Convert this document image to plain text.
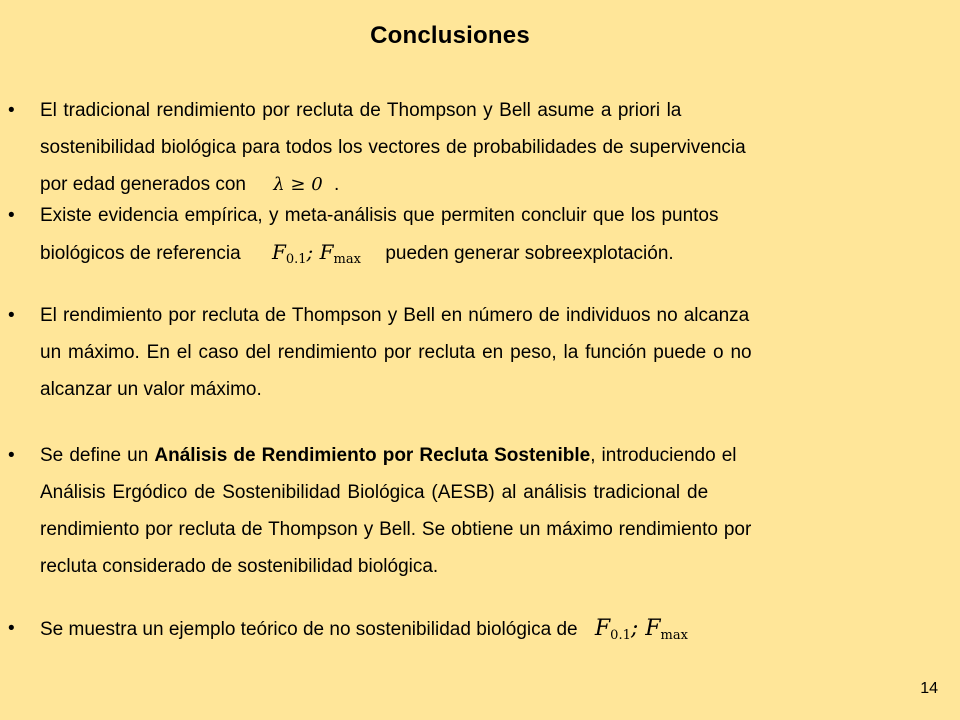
Conclusiones
•	El tradicional rendimiento por recluta de Thompson y Bell asume a priori la
sostenibilidad biológica para todos los vectores de probabilidades de supervivencia
por edad generados con λ ≥ 0 .
•	Existe evidencia empírica, y meta-análisis que permiten concluir que los puntos
biológicos de referencia $F_{0.1}$; $F_{max}$ pueden generar sobreexplotación.
•	El rendimiento por recluta de Thompson y Bell en número de individuos no alcanza
un máximo. En el caso del rendimiento por recluta en peso, la función puede o no
alcanzar un valor máximo.
•	Se define un Análisis de Rendimiento por Recluta Sostenible, introduciendo el
Análisis Ergódico de Sostenibilidad Biológica (AESB) al análisis tradicional de
rendimiento por recluta de Thompson y Bell. Se obtiene un máximo rendimiento por
recluta considerado de sostenibilidad biológica.
•	Se muestra un ejemplo teórico de no sostenibilidad biológica de $F_{0.1}$; $F_{max}$
14
